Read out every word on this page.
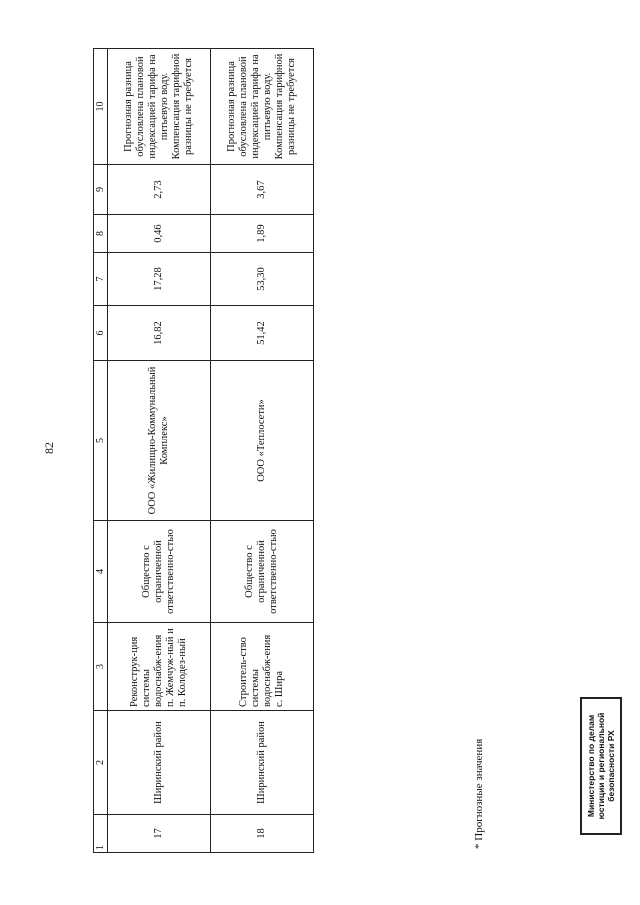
82
1	2	3	4	5	6	7	8	9	10
17	Ширинский район	Реконструк-ция системы водоснабж-ения п. Жемчуж-ный и п. Колодез-ный	Общество с ограниченной ответственно-стью	ООО «Жилищно-Коммунальный Комплекс»	16,82	17,28	0,46	2,73	Прогнозная разница обусловлена плановой индексацией тарифа на питьевую воду. Компенсация тарифной разницы не требуется
18	Ширинский район	Строитель-ство системы водоснабж-ения с. Шира	Общество с ограниченной ответственно-стью	ООО «Теплосети»	51,42	53,30	1,89	3,67	Прогнозная разница обусловлена плановой индексацией тарифа на питьевую воду. Компенсация тарифной разницы не требуется
* Прогнозные значения	Министерство по делам юстиции и региональной безопасности РХ
